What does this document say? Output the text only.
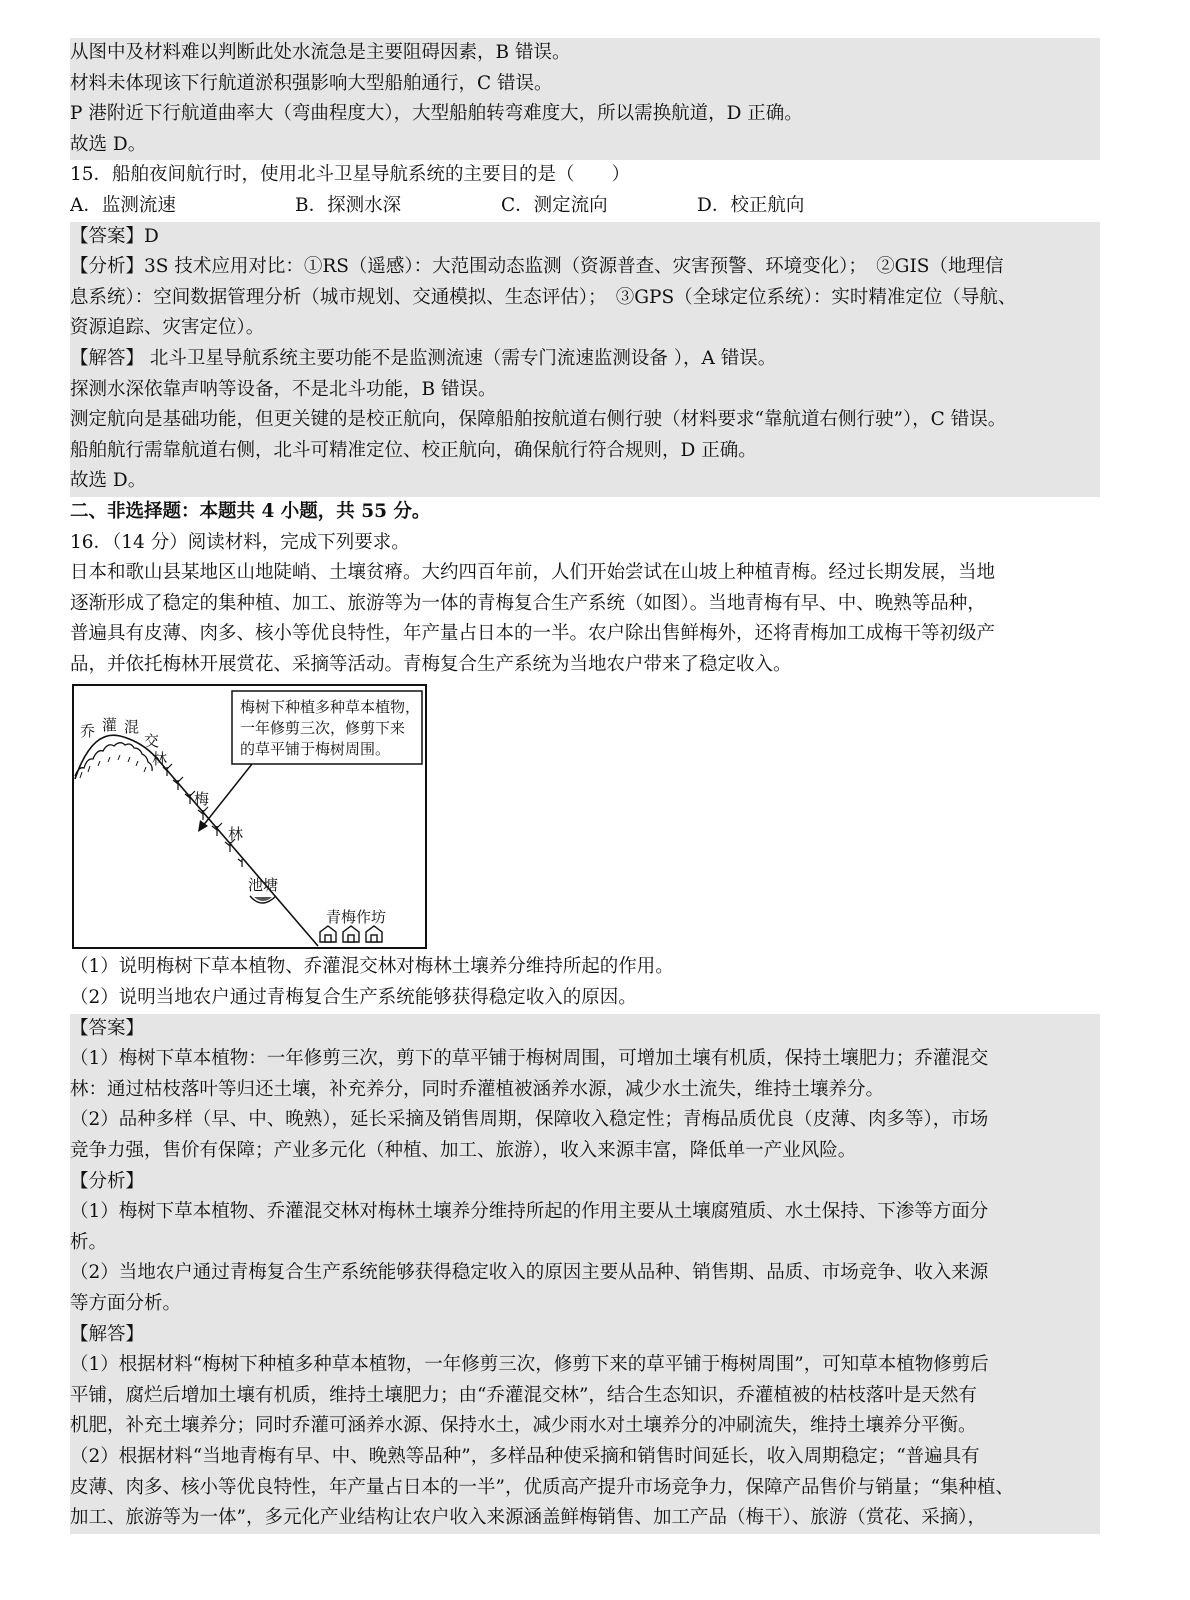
从图中及材料难以判断此处水流急是主要阻碍因素，B 错误。
材料未体现该下行航道淤积强影响大型船舶通行，C 错误。
P 港附近下行航道曲率大（弯曲程度大），大型船舶转弯难度大，所以需换航道，D 正确。
故选 D。
15．船舶夜间航行时，使用北斗卫星导航系统的主要目的是（　　）
A．监测流速	B．探测水深	C．测定流向	D．校正航向
【答案】D
【分析】3S 技术应用对比：①RS（遥感）：大范围动态监测（资源普查、灾害预警、环境变化）；　②GIS（地理信
息系统）：空间数据管理分析（城市规划、交通模拟、生态评估）；　③GPS（全球定位系统）：实时精准定位（导航、
资源追踪、灾害定位）。
【解答】 北斗卫星导航系统主要功能不是监测流速（需专门流速监测设备 ），A 错误。
探测水深依靠声呐等设备，不是北斗功能，B 错误。
测定航向是基础功能，但更关键的是校正航向，保障船舶按航道右侧行驶（材料要求“靠航道右侧行驶”），C 错误。
船舶航行需靠航道右侧，北斗可精准定位、校正航向，确保航行符合规则，D 正确。
故选 D。
二、非选择题：本题共 4 小题，共 55 分。
16．（14 分）阅读材料，完成下列要求。
日本和歌山县某地区山地陡峭、土壤贫瘠。大约四百年前，人们开始尝试在山坡上种植青梅。经过长期发展，当地
逐渐形成了稳定的集种植、加工、旅游等为一体的青梅复合生产系统（如图）。当地青梅有早、中、晚熟等品种，
普遍具有皮薄、肉多、核小等优良特性，年产量占日本的一半。农户除出售鲜梅外，还将青梅加工成梅干等初级产
品，并依托梅林开展赏花、采摘等活动。青梅复合生产系统为当地农户带来了稳定收入。
梅树下种植多种草本植物，
一年修剪三次，修剪下来
的草平铺于梅树周围。
乔 灌 混
交
林
梅
林
池塘
青梅作坊
（1）说明梅树下草本植物、乔灌混交林对梅林土壤养分维持所起的作用。
（2）说明当地农户通过青梅复合生产系统能够获得稳定收入的原因。
【答案】
（1）梅树下草本植物：一年修剪三次，剪下的草平铺于梅树周围，可增加土壤有机质，保持土壤肥力；乔灌混交
林：通过枯枝落叶等归还土壤，补充养分，同时乔灌植被涵养水源，减少水土流失，维持土壤养分。
（2）品种多样（早、中、晚熟），延长采摘及销售周期，保障收入稳定性；青梅品质优良（皮薄、肉多等），市场
竞争力强，售价有保障；产业多元化（种植、加工、旅游），收入来源丰富，降低单一产业风险。
【分析】
（1）梅树下草本植物、乔灌混交林对梅林土壤养分维持所起的作用主要从土壤腐殖质、水土保持、下渗等方面分
析。
（2）当地农户通过青梅复合生产系统能够获得稳定收入的原因主要从品种、销售期、品质、市场竞争、收入来源
等方面分析。
【解答】
（1）根据材料“梅树下种植多种草本植物，一年修剪三次，修剪下来的草平铺于梅树周围”，可知草本植物修剪后
平铺，腐烂后增加土壤有机质，维持土壤肥力；由“乔灌混交林”，结合生态知识，乔灌植被的枯枝落叶是天然有
机肥，补充土壤养分；同时乔灌可涵养水源、保持水土，减少雨水对土壤养分的冲刷流失，维持土壤养分平衡。
（2）根据材料“当地青梅有早、中、晚熟等品种”，多样品种使采摘和销售时间延长，收入周期稳定；“普遍具有
皮薄、肉多、核小等优良特性，年产量占日本的一半”，优质高产提升市场竞争力，保障产品售价与销量；“集种植、
加工、旅游等为一体”，多元化产业结构让农户收入来源涵盖鲜梅销售、加工产品（梅干）、旅游（赏花、采摘），
